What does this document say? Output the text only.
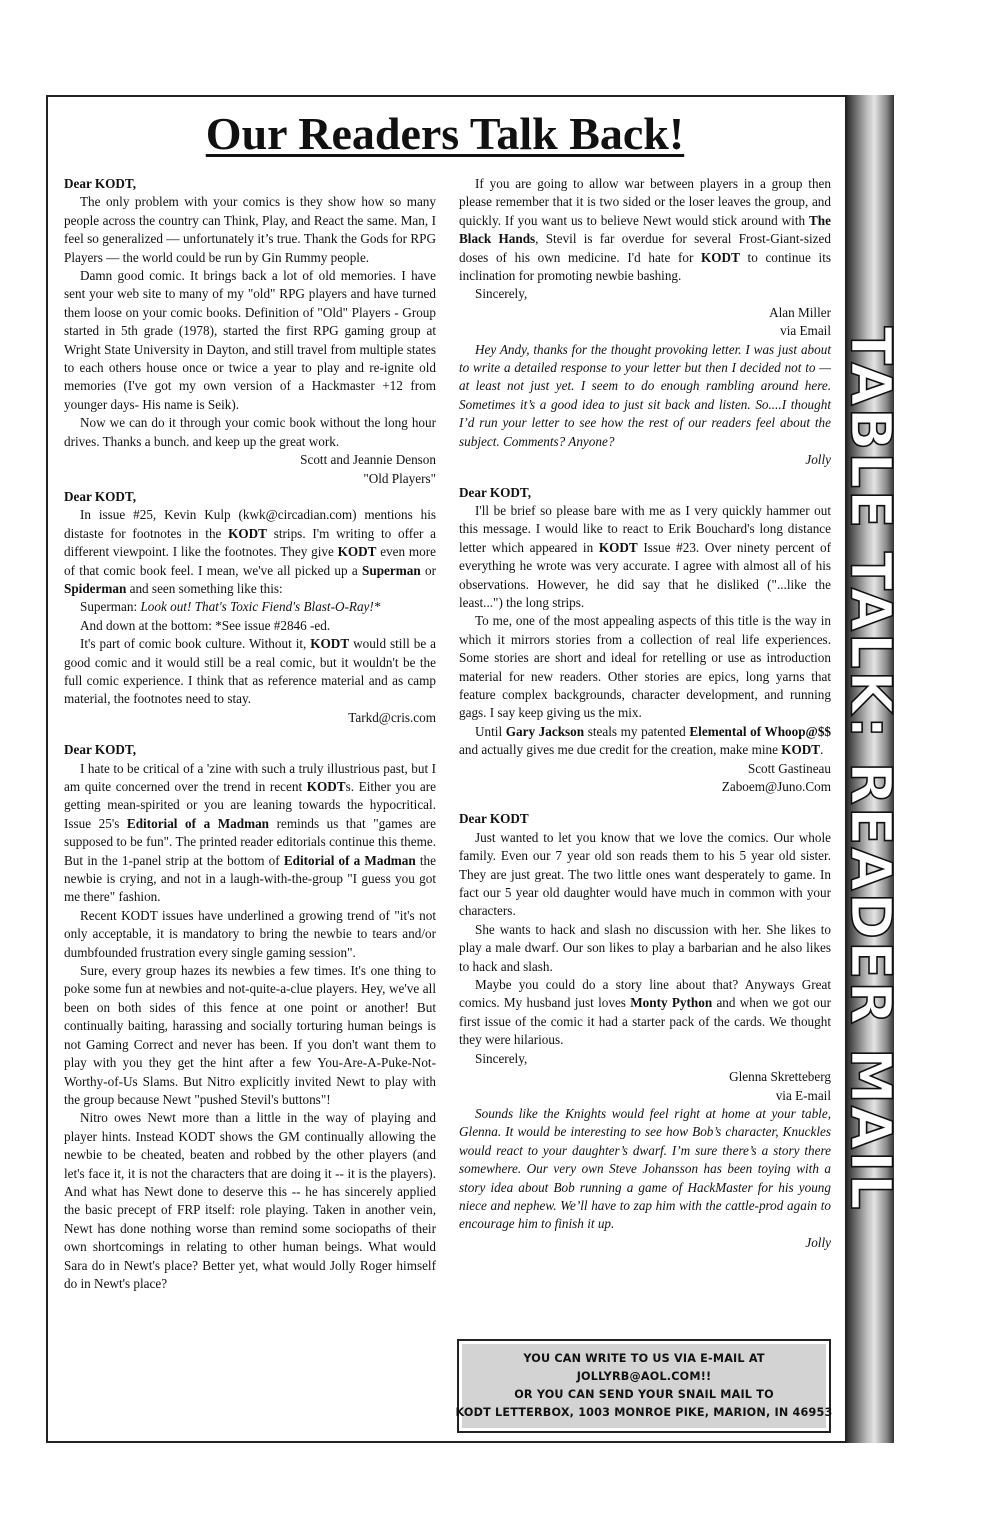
TABLE TALK: READER MAIL
Our Readers Talk Back!

Dear KODT,

The only problem with your comics is they show how so many people across the country can Think, Play, and React the same. Man, I feel so generalized — unfortunately it’s true. Thank the Gods for RPG Players — the world could be run by Gin Rummy people.

Damn good comic. It brings back a lot of old memories. I have sent your web site to many of my "old" RPG players and have turned them loose on your comic books. Definition of "Old" Players - Group started in 5th grade (1978), started the first RPG gaming group at Wright State University in Dayton, and still travel from multiple states to each others house once or twice a year to play and re-ignite old memories (I've got my own version of a Hackmaster +12 from younger days- His name is Seik).

Now we can do it through your comic book without the long hour drives. Thanks a bunch. and keep up the great work.

Scott and Jeannie Denson

"Old Players"

Dear KODT,

In issue #25, Kevin Kulp (kwk@circadian.com) mentions his distaste for footnotes in the KODT strips. I'm writing to offer a different viewpoint. I like the footnotes. They give KODT even more of that comic book feel. I mean, we've all picked up a Superman or Spiderman and seen something like this:

Superman: Look out! That's Toxic Fiend's Blast-O-Ray!*

And down at the bottom: *See issue #2846 -ed.

It's part of comic book culture. Without it, KODT would still be a good comic and it would still be a real comic, but it wouldn't be the full comic experience. I think that as reference material and as camp material, the footnotes need to stay.

Tarkd@cris.com

Dear KODT,

I hate to be critical of a 'zine with such a truly illustrious past, but I am quite concerned over the trend in recent KODTs. Either you are getting mean-spirited or you are leaning towards the hypocritical. Issue 25's Editorial of a Madman reminds us that "games are supposed to be fun". The printed reader editorials continue this theme. But in the 1-panel strip at the bottom of Editorial of a Madman the newbie is crying, and not in a laugh-with-the-group "I guess you got me there" fashion.

Recent KODT issues have underlined a growing trend of "it's not only acceptable, it is mandatory to bring the newbie to tears and/or dumbfounded frustration every single gaming session".

Sure, every group hazes its newbies a few times. It's one thing to poke some fun at newbies and not-quite-a-clue players. Hey, we've all been on both sides of this fence at one point or another! But continually baiting, harassing and socially torturing human beings is not Gaming Correct and never has been. If you don't want them to play with you they get the hint after a few You-Are-A-Puke-Not-Worthy-of-Us Slams. But Nitro explicitly invited Newt to play with the group because Newt "pushed Stevil's buttons"!

Nitro owes Newt more than a little in the way of playing and player hints. Instead KODT shows the GM continually allowing the newbie to be cheated, beaten and robbed by the other players (and let's face it, it is not the characters that are doing it -- it is the players). And what has Newt done to deserve this -- he has sincerely applied the basic precept of FRP itself: role playing. Taken in another vein, Newt has done nothing worse than remind some sociopaths of their own shortcomings in relating to other human beings. What would Sara do in Newt's place? Better yet, what would Jolly Roger himself do in Newt's place?

If you are going to allow war between players in a group then please remember that it is two sided or the loser leaves the group, and quickly. If you want us to believe Newt would stick around with The Black Hands, Stevil is far overdue for several Frost-Giant-sized doses of his own medicine. I'd hate for KODT to continue its inclination for promoting newbie bashing.

Sincerely,

Alan Miller

via Email

Hey Andy, thanks for the thought provoking letter. I was just about to write a detailed response to your letter but then I decided not to — at least not just yet. I seem to do enough rambling around here. Sometimes it’s a good idea to just sit back and listen. So....I thought I’d run your letter to see how the rest of our readers feel about the subject. Comments? Anyone?

Jolly

Dear KODT,

I'll be brief so please bare with me as I very quickly hammer out this message. I would like to react to Erik Bouchard's long distance letter which appeared in KODT Issue #23. Over ninety percent of everything he wrote was very accurate. I agree with almost all of his observations. However, he did say that he disliked ("...like the least...") the long strips.

To me, one of the most appealing aspects of this title is the way in which it mirrors stories from a collection of real life experiences. Some stories are short and ideal for retelling or use as introduction material for new readers. Other stories are epics, long yarns that feature complex backgrounds, character development, and running gags. I say keep giving us the mix.

Until Gary Jackson steals my patented Elemental of Whoop@$$ and actually gives me due credit for the creation, make mine KODT.

Scott Gastineau

Zaboem@Juno.Com

Dear KODT

Just wanted to let you know that we love the comics. Our whole family. Even our 7 year old son reads them to his 5 year old sister. They are just great. The two little ones want desperately to game. In fact our 5 year old daughter would have much in common with your characters.

She wants to hack and slash no discussion with her. She likes to play a male dwarf. Our son likes to play a barbarian and he also likes to hack and slash.

Maybe you could do a story line about that? Anyways Great comics. My husband just loves Monty Python and when we got our first issue of the comic it had a starter pack of the cards. We thought they were hilarious.

Sincerely,

Glenna Skretteberg

via E-mail

Sounds like the Knights would feel right at home at your table, Glenna. It would be interesting to see how Bob’s character, Knuckles would react to your daughter’s dwarf. I’m sure there’s a story there somewhere. Our very own Steve Johansson has been toying with a story idea about Bob running a game of HackMaster for his young niece and nephew. We’ll have to zap him with the cattle-prod again to encourage him to finish it up.

Jolly

YOU CAN WRITE TO US VIA E-MAIL AT
JOLLYRB@AOL.COM!!
OR YOU CAN SEND YOUR SNAIL MAIL TO
KODT LETTERBOX, 1003 MONROE PIKE, MARION, IN 46953
